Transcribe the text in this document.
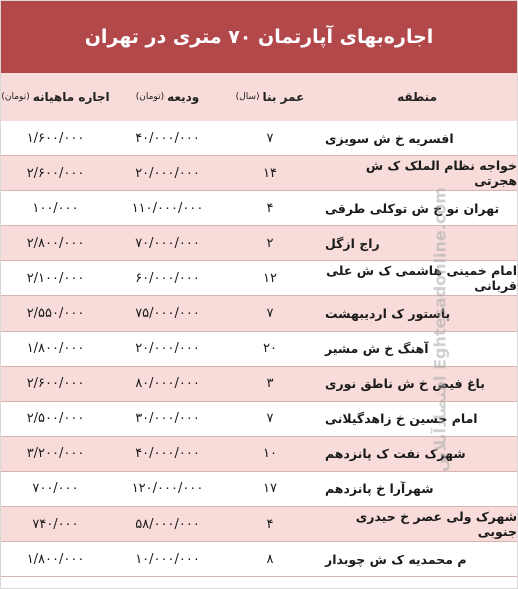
اجاره‌بهای آپارتمان ۷۰ متری در تهران
منطقه
عمر بنا
(سال)
ودیعه
(تومان)
اجاره ماهیانه
(تومان)
افسریه خ ش سویزی
۷
۴۰/۰۰۰/۰۰۰
۱/۶۰۰/۰۰۰
خواجه نظام الملک ک ش هجرتی
۱۴
۲۰/۰۰۰/۰۰۰
۲/۶۰۰/۰۰۰
تهران نو خ ش توکلی طرقی
۴
۱۱۰/۰۰۰/۰۰۰
۱۰۰/۰۰۰
راج ازگل
۲
۷۰/۰۰۰/۰۰۰
۲/۸۰۰/۰۰۰
امام خمینی هاشمی ک ش علی قربانی
۱۲
۶۰/۰۰۰/۰۰۰
۲/۱۰۰/۰۰۰
پاستور ک اردیبهشت
۷
۷۵/۰۰۰/۰۰۰
۲/۵۵۰/۰۰۰
آهنگ خ ش مشیر
۲۰
۲۰/۰۰۰/۰۰۰
۱/۸۰۰/۰۰۰
باغ فیض خ ش ناطق نوری
۳
۸۰/۰۰۰/۰۰۰
۲/۶۰۰/۰۰۰
امام حسین خ زاهدگیلانی
۷
۳۰/۰۰۰/۰۰۰
۲/۵۰۰/۰۰۰
شهرک نفت ک پانزدهم
۱۰
۴۰/۰۰۰/۰۰۰
۳/۲۰۰/۰۰۰
شهرآرا خ پانزدهم
۱۷
۱۲۰/۰۰۰/۰۰۰
۷۰۰/۰۰۰
شهرک ولی عصر خ حیدری جنوبی
۴
۵۸/۰۰۰/۰۰۰
۷۴۰/۰۰۰
م محمدیه ک ش چوبدار
۸
۱۰/۰۰۰/۰۰۰
۱/۸۰۰/۰۰۰
اقتصادآنلاین Eghtesadonline.com
